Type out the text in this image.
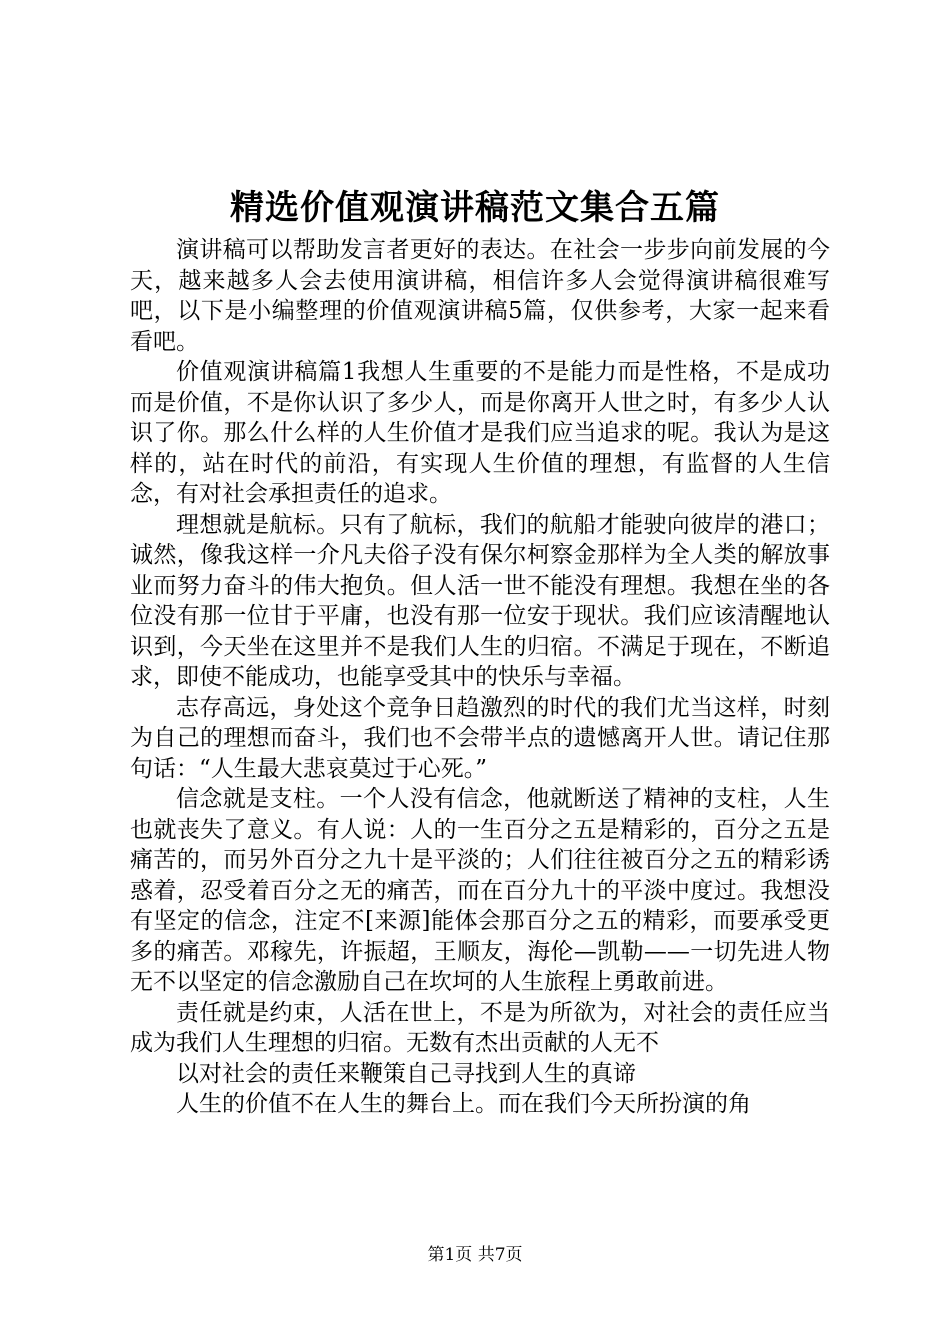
精选价值观演讲稿范文集合五篇

演讲稿可以帮助发言者更好的表达。在社会一步步向前发展的今天，越来越多人会去使用演讲稿，相信许多人会觉得演讲稿很难写吧，以下是小编整理的价值观演讲稿5篇，仅供参考，大家一起来看看吧。

价值观演讲稿篇1我想人生重要的不是能力而是性格，不是成功而是价值，不是你认识了多少人，而是你离开人世之时，有多少人认识了你。那么什么样的人生价值才是我们应当追求的呢。我认为是这样的，站在时代的前沿，有实现人生价值的理想，有监督的人生信念，有对社会承担责任的追求。

理想就是航标。只有了航标，我们的航船才能驶向彼岸的港口；诚然，像我这样一介凡夫俗子没有保尔柯察金那样为全人类的解放事业而努力奋斗的伟大抱负。但人活一世不能没有理想。我想在坐的各位没有那一位甘于平庸，也没有那一位安于现状。我们应该清醒地认识到，今天坐在这里并不是我们人生的归宿。不满足于现在，不断追求，即使不能成功，也能享受其中的快乐与幸福。

志存高远，身处这个竞争日趋激烈的时代的我们尤当这样，时刻为自己的理想而奋斗，我们也不会带半点的遗憾离开人世。请记住那句话：“人生最大悲哀莫过于心死。”

信念就是支柱。一个人没有信念，他就断送了精神的支柱，人生也就丧失了意义。有人说：人的一生百分之五是精彩的，百分之五是痛苦的，而另外百分之九十是平淡的；人们往往被百分之五的精彩诱惑着，忍受着百分之无的痛苦，而在百分九十的平淡中度过。我想没有坚定的信念，注定不[来源]能体会那百分之五的精彩，而要承受更多的痛苦。邓稼先，许振超，王顺友，海伦—凯勒——一切先进人物无不以坚定的信念激励自己在坎坷的人生旅程上勇敢前进。

责任就是约束，人活在世上，不是为所欲为，对社会的责任应当成为我们人生理想的归宿。无数有杰出贡献的人无不

以对社会的责任来鞭策自己寻找到人生的真谛

人生的价值不在人生的舞台上。而在我们今天所扮演的角

第1页 共7页
